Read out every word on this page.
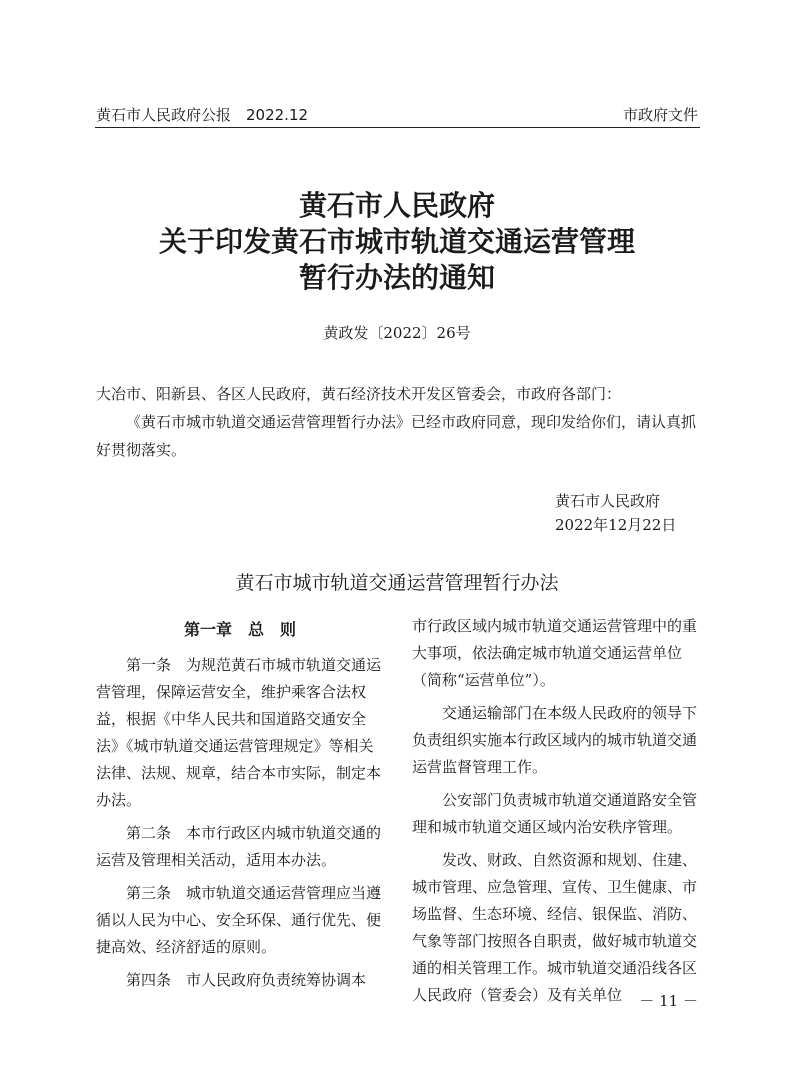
黄石市人民政府公报　2022.12	市政府文件
黄石市人民政府
关于印发黄石市城市轨道交通运营管理
暂行办法的通知
黄政发〔2022〕26号
大冶市、阳新县、各区人民政府，黄石经济技术开发区管委会，市政府各部门：
《黄石市城市轨道交通运营管理暂行办法》已经市政府同意，现印发给你们，请认真抓好贯彻落实。
黄石市人民政府
2022年12月22日
黄石市城市轨道交通运营管理暂行办法
第一章　总　则

第一条　为规范黄石市城市轨道交通运营管理，保障运营安全，维护乘客合法权益，根据《中华人民共和国道路交通安全法》《城市轨道交通运营管理规定》等相关法律、法规、规章，结合本市实际，制定本办法。

第二条　本市行政区内城市轨道交通的运营及管理相关活动，适用本办法。

第三条　城市轨道交通运营管理应当遵循以人民为中心、安全环保、通行优先、便捷高效、经济舒适的原则。

第四条　市人民政府负责统筹协调本

市行政区域内城市轨道交通运营管理中的重大事项，依法确定城市轨道交通运营单位（简称“运营单位”）。

交通运输部门在本级人民政府的领导下负责组织实施本行政区域内的城市轨道交通运营监督管理工作。

公安部门负责城市轨道交通道路安全管理和城市轨道交通区域内治安秩序管理。

发改、财政、自然资源和规划、住建、城市管理、应急管理、宣传、卫生健康、市场监督、生态环境、经信、银保监、消防、气象等部门按照各自职责，做好城市轨道交通的相关管理工作。城市轨道交通沿线各区人民政府（管委会）及有关单位	－ 11 －
